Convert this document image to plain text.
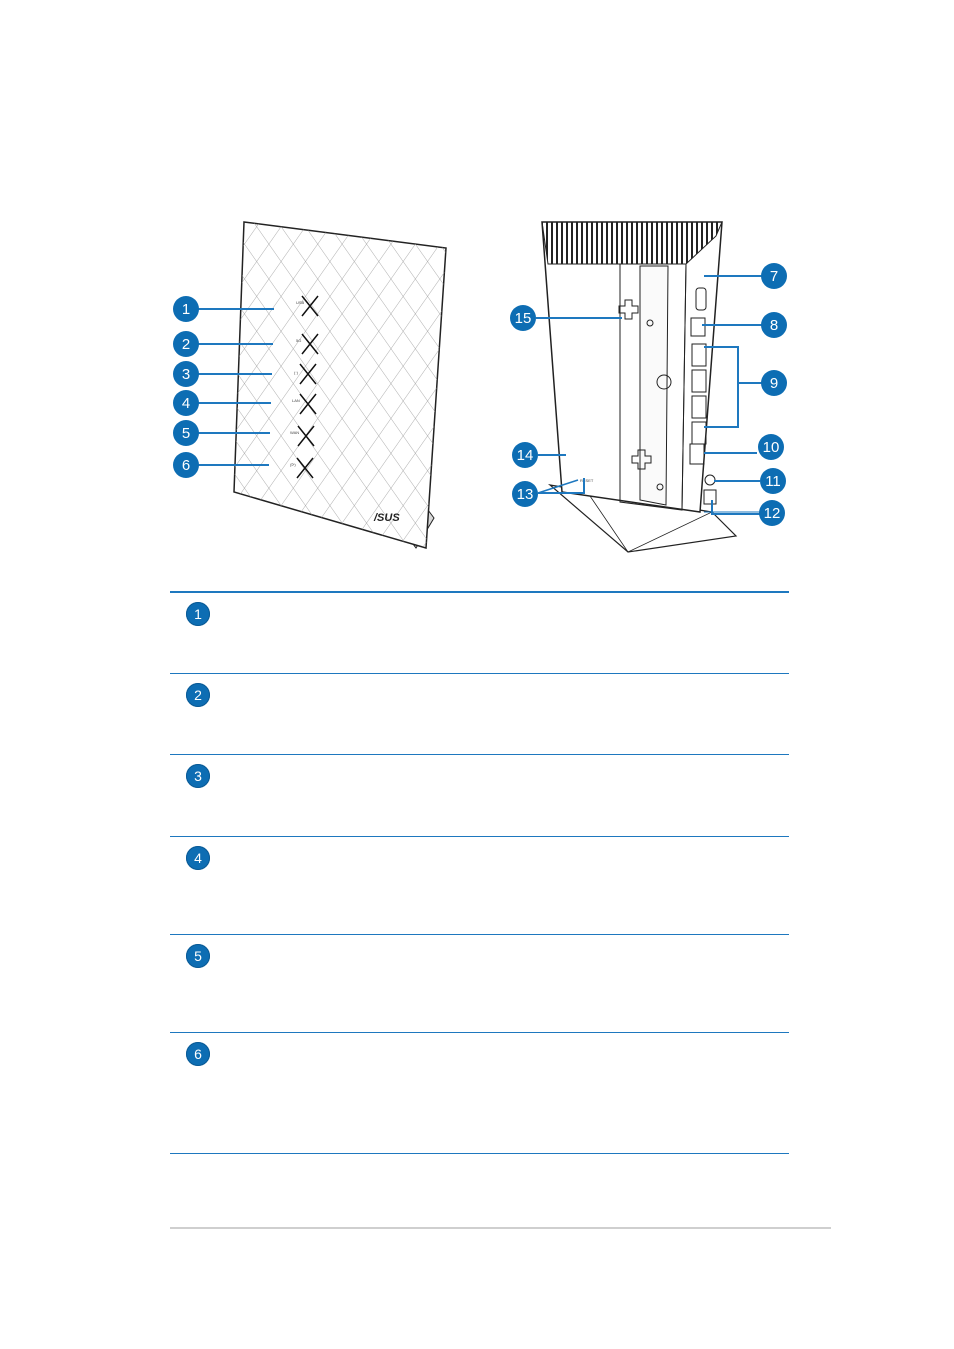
USB
5G
(·)
LAN
WAN
(ᐅ)
/SUS
1
2
3
4
5
6
RESET
7
8
9
10
11
12
13
14
15
1
2
3
4
5
6
